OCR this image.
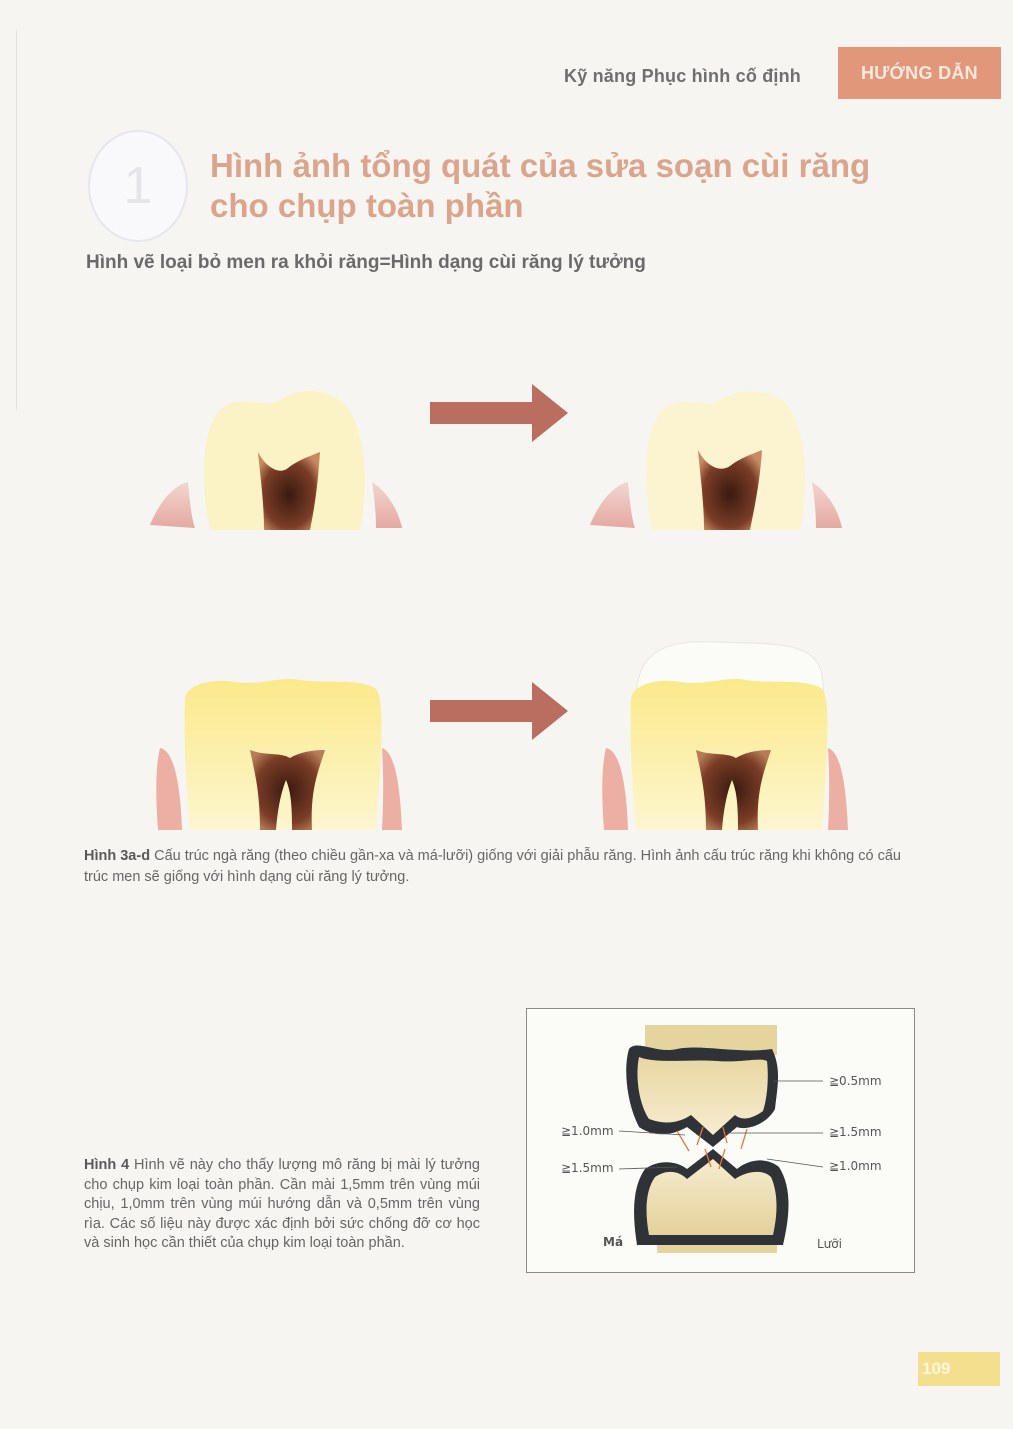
Kỹ năng Phục hình cố định	HƯỚNG DẪN
1	Hình ảnh tổng quát của sửa soạn cùi răng
cho chụp toàn phần
Hình vẽ loại bỏ men ra khỏi răng=Hình dạng cùi răng lý tưởng
Hình 3a-d Cấu trúc ngà răng (theo chiều gần-xa và má-lưỡi) giống với giải phẫu răng. Hình ảnh cấu trúc răng khi không có cấu trúc men sẽ giống với hình dạng cùi răng lý tưởng.
Hình 4 Hình vẽ này cho thấy lượng mô răng bị mài lý tưởng cho chụp kim loại toàn phần. Cần mài 1,5mm trên vùng múi chịu, 1,0mm trên vùng múi hướng dẫn và 0,5mm trên vùng rìa. Các số liệu này được xác định bởi sức chống đỡ cơ học và sinh học cần thiết của chụp kim loại toàn phần.
≧0.5mm
≧1.0mm	≧1.5mm
≧1.5mm	≧1.0mm
Má	Lưỡi
109
